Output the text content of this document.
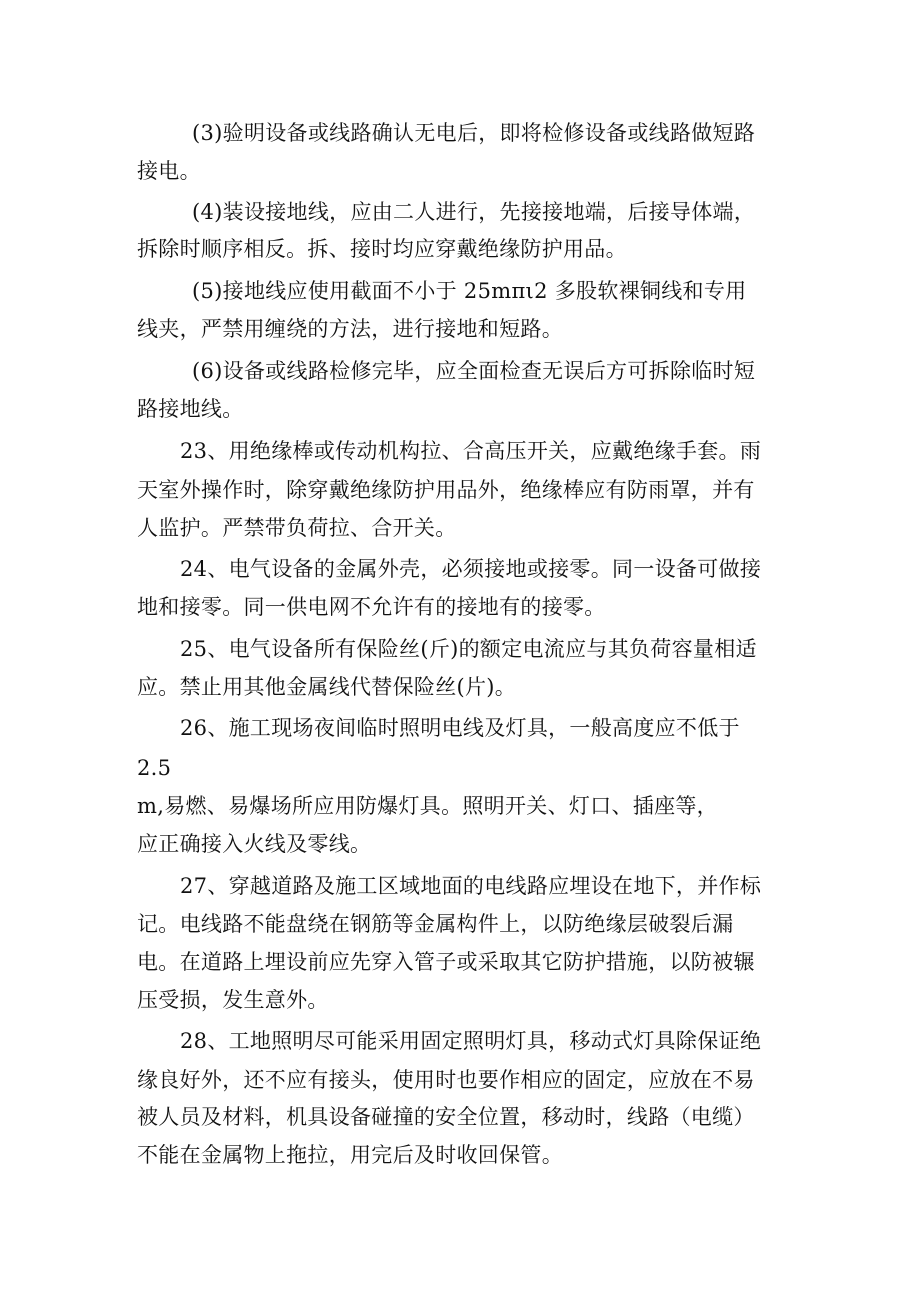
(3)验明设备或线路确认无电后，即将检修设备或线路做短路
接电。
(4)装设接地线，应由二人进行，先接接地端，后接导体端，
拆除时顺序相反。拆、接时均应穿戴绝缘防护用品。
(5)接地线应使用截面不小于 25mπι2 多股软裸铜线和专用
线夹，严禁用缠绕的方法，进行接地和短路。
(6)设备或线路检修完毕，应全面检查无误后方可拆除临时短
路接地线。
23、用绝缘棒或传动机构拉、合高压开关，应戴绝缘手套。雨
天室外操作时，除穿戴绝缘防护用品外，绝缘棒应有防雨罩，并有
人监护。严禁带负荷拉、合开关。
24、电气设备的金属外壳，必须接地或接零。同一设备可做接
地和接零。同一供电网不允许有的接地有的接零。
25、电气设备所有保险丝(斤)的额定电流应与其负荷容量相适
应。禁止用其他金属线代替保险丝(片)。
26、施工现场夜间临时照明电线及灯具，一般高度应不低于
2.5
m,易燃、易爆场所应用防爆灯具。照明开关、灯口、插座等，
应正确接入火线及零线。
27、穿越道路及施工区域地面的电线路应埋设在地下，并作标
记。电线路不能盘绕在钢筋等金属构件上，以防绝缘层破裂后漏
电。在道路上埋设前应先穿入管子或采取其它防护措施，以防被辗
压受损，发生意外。
28、工地照明尽可能采用固定照明灯具，移动式灯具除保证绝
缘良好外，还不应有接头，使用时也要作相应的固定，应放在不易
被人员及材料，机具设备碰撞的安全位置，移动时，线路（电缆）
不能在金属物上拖拉，用完后及时收回保管。
